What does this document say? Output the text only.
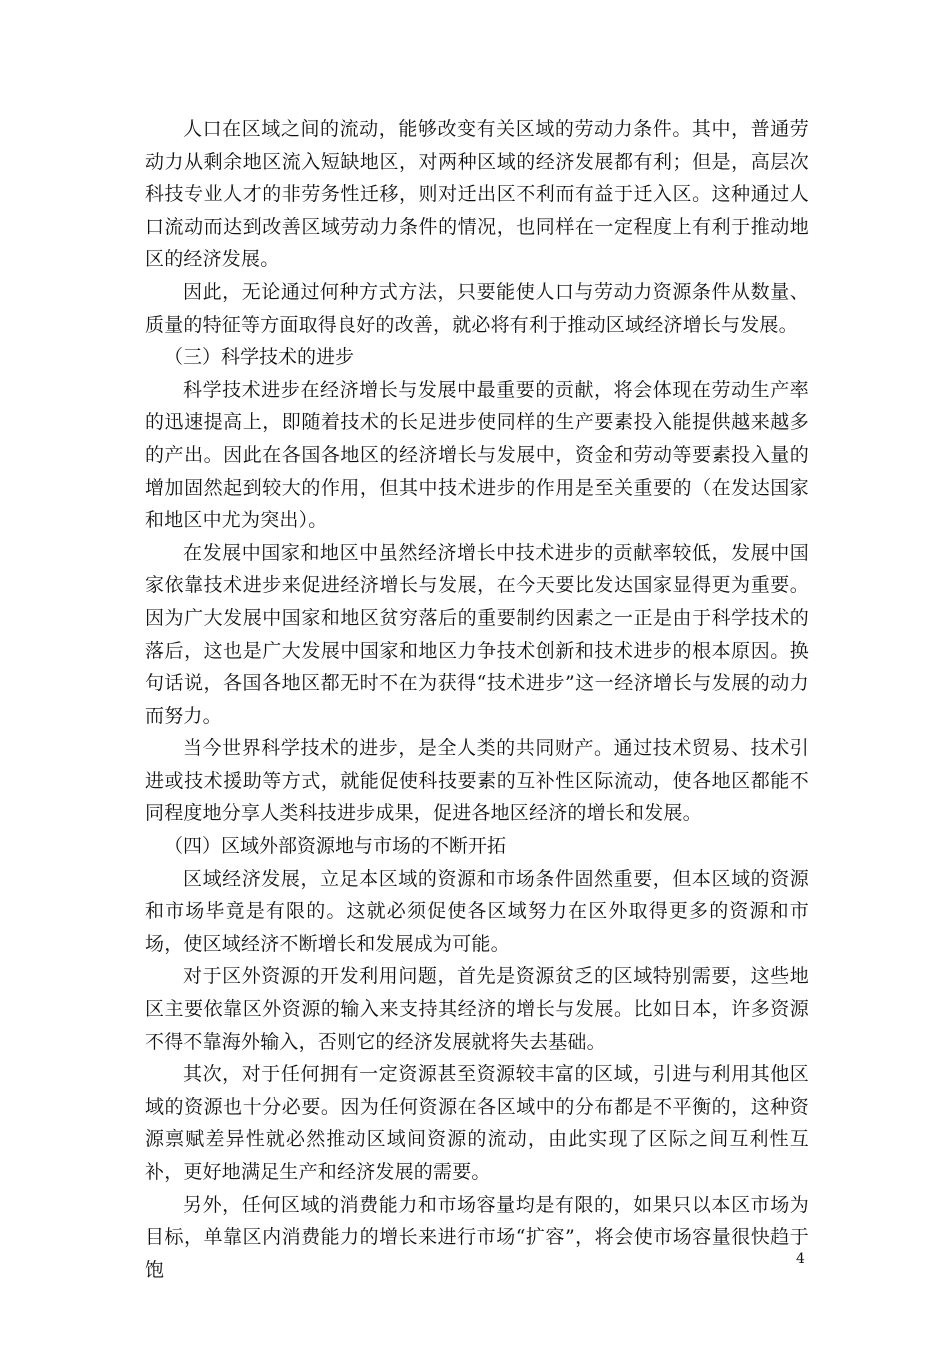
人口在区域之间的流动，能够改变有关区域的劳动力条件。其中，普通劳动力从剩余地区流入短缺地区，对两种区域的经济发展都有利；但是，高层次科技专业人才的非劳务性迁移，则对迁出区不利而有益于迁入区。这种通过人口流动而达到改善区域劳动力条件的情况，也同样在一定程度上有利于推动地区的经济发展。

因此，无论通过何种方式方法，只要能使人口与劳动力资源条件从数量、质量的特征等方面取得良好的改善，就必将有利于推动区域经济增长与发展。

（三）科学技术的进步

科学技术进步在经济增长与发展中最重要的贡献，将会体现在劳动生产率的迅速提高上，即随着技术的长足进步使同样的生产要素投入能提供越来越多的产出。因此在各国各地区的经济增长与发展中，资金和劳动等要素投入量的增加固然起到较大的作用，但其中技术进步的作用是至关重要的（在发达国家和地区中尤为突出）。

在发展中国家和地区中虽然经济增长中技术进步的贡献率较低，发展中国家依靠技术进步来促进经济增长与发展，在今天要比发达国家显得更为重要。因为广大发展中国家和地区贫穷落后的重要制约因素之一正是由于科学技术的落后，这也是广大发展中国家和地区力争技术创新和技术进步的根本原因。换句话说，各国各地区都无时不在为获得“技术进步”这一经济增长与发展的动力而努力。

当今世界科学技术的进步，是全人类的共同财产。通过技术贸易、技术引进或技术援助等方式，就能促使科技要素的互补性区际流动，使各地区都能不同程度地分享人类科技进步成果，促进各地区经济的增长和发展。

（四）区域外部资源地与市场的不断开拓

区域经济发展，立足本区域的资源和市场条件固然重要，但本区域的资源和市场毕竟是有限的。这就必须促使各区域努力在区外取得更多的资源和市场，使区域经济不断增长和发展成为可能。

对于区外资源的开发利用问题，首先是资源贫乏的区域特别需要，这些地区主要依靠区外资源的输入来支持其经济的增长与发展。比如日本，许多资源不得不靠海外输入，否则它的经济发展就将失去基础。

其次，对于任何拥有一定资源甚至资源较丰富的区域，引进与利用其他区域的资源也十分必要。因为任何资源在各区域中的分布都是不平衡的，这种资源禀赋差异性就必然推动区域间资源的流动，由此实现了区际之间互利性互补，更好地满足生产和经济发展的需要。

另外，任何区域的消费能力和市场容量均是有限的，如果只以本区市场为目标，单靠区内消费能力的增长来进行市场“扩容”，将会使市场容量很快趋于饱	4
